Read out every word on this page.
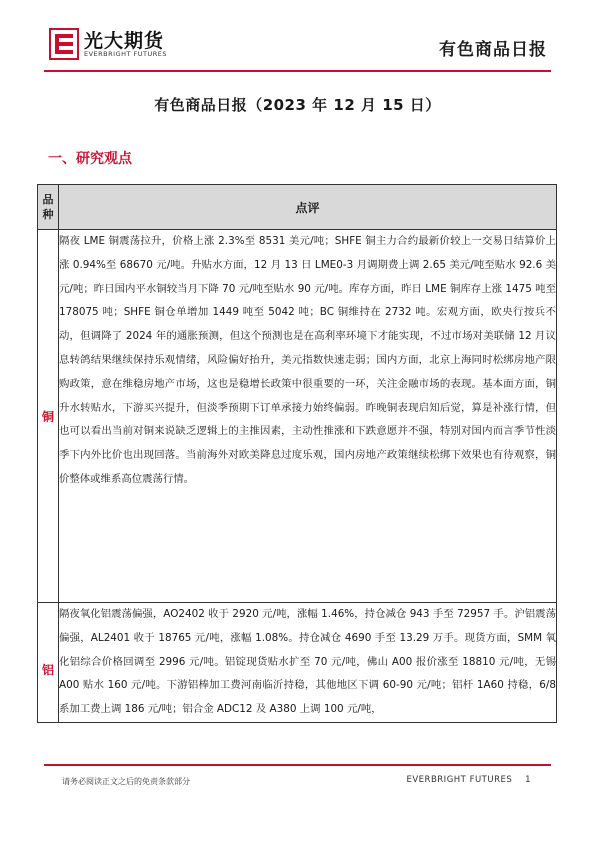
光大期货
EVERBRIGHT FUTURES	有色商品日报
有色商品日报（2023 年 12 月 15 日）
一、研究观点
品种	点评
铜	隔夜 LME 铜震荡拉升，价格上涨 2.3%至 8531 美元/吨；SHFE 铜主力合约最新价较上一交易日结算价上涨 0.94%至 68670 元/吨。升贴水方面，12 月 13 日 LME0-3 月调期费上调 2.65 美元/吨至贴水 92.6 美元/吨；昨日国内平水铜较当月下降 70 元/吨至贴水 90 元/吨。库存方面，昨日 LME 铜库存上涨 1475 吨至 178075 吨；SHFE 铜仓单增加 1449 吨至 5042 吨；BC 铜维持在 2732 吨。宏观方面，欧央行按兵不动，但调降了 2024 年的通胀预测，但这个预测也是在高利率环境下才能实现，不过市场对美联储 12 月议息转鸽结果继续保持乐观情绪，风险偏好抬升，美元指数快速走弱；国内方面，北京上海同时松绑房地产限购政策，意在维稳房地产市场，这也是稳增长政策中很重要的一环，关注金融市场的表现。基本面方面，铜升水转贴水，下游买兴提升，但淡季预期下订单承接力始终偏弱。昨晚铜表现启知后觉，算是补涨行情，但也可以看出当前对铜来说缺乏逻辑上的主推因素，主动性推涨和下跌意愿并不强，特别对国内而言季节性淡季下内外比价也出现回落。当前海外对欧美降息过度乐观，国内房地产政策继续松绑下效果也有待观察，铜价整体或维系高位震荡行情。
铝	隔夜氧化铝震荡偏强，AO2402 收于 2920 元/吨，涨幅 1.46%，持仓减仓 943 手至 72957 手。沪铝震荡偏强，AL2401 收于 18765 元/吨，涨幅 1.08%。持仓减仓 4690 手至 13.29 万手。现货方面，SMM 氧化铝综合价格回调至 2996 元/吨。铝锭现货贴水扩至 70 元/吨，佛山 A00 报价涨至 18810 元/吨，无锡 A00 贴水 160 元/吨。下游铝棒加工费河南临沂持稳，其他地区下调 60-90 元/吨；铝杆 1A60 持稳，6/8 系加工费上调 186 元/吨；铝合金 ADC12 及 A380 上调 100 元/吨，
请务必阅读正文之后的免责条款部分	EVERBRIGHT FUTURES 1
